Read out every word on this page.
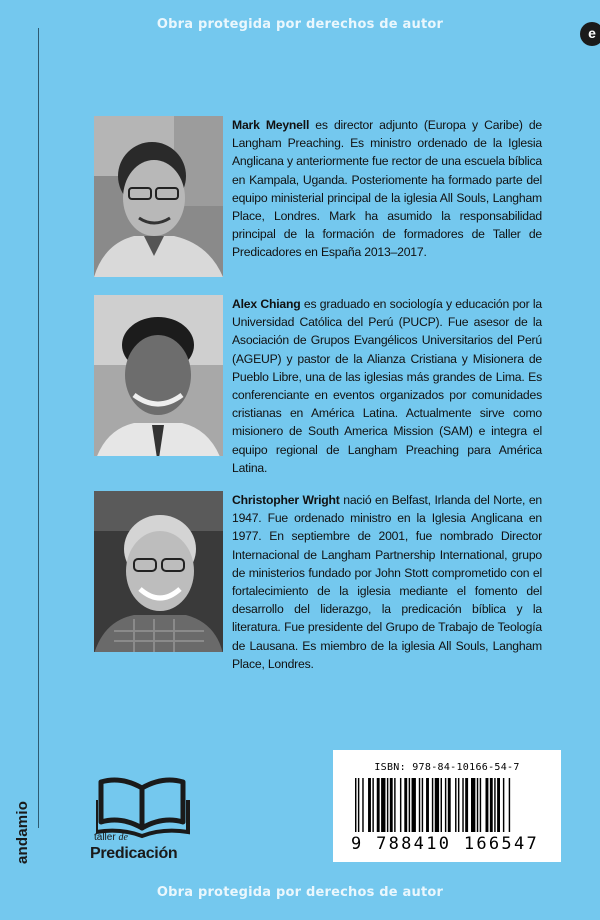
Obra protegida por derechos de autor
e
andamio
Mark Meynell es director adjunto (Europa y Caribe) de Langham Preaching. Es ministro ordenado de la Iglesia Anglicana y anteriormente fue rector de una escuela bíblica en Kampala, Uganda. Posteriomente ha formado parte del equipo ministerial principal de la iglesia All Souls, Langham Place, Londres. Mark ha asumido la responsabilidad principal de la formación de formadores de Taller de Predicadores en España 2013–2017.
Alex Chiang es graduado en sociología y educación por la Universidad Católica del Perú (PUCP). Fue asesor de la Asociación de Grupos Evangélicos Universitarios del Perú (AGEUP) y pastor de la Alianza Cristiana y Misionera de Pueblo Libre, una de las iglesias más grandes de Lima. Es conferenciante en eventos organizados por comunidades cristianas en América Latina. Actualmente sirve como misionero de South America Mission (SAM) e integra el equipo regional de Langham Preaching para América Latina.
Christopher Wright nació en Belfast, Irlanda del Norte, en 1947. Fue ordenado ministro en la Iglesia Anglicana en 1977. En septiembre de 2001, fue nombrado Director Internacional de Langham Partnership International, grupo de ministerios fundado por John Stott comprometido con el fortalecimiento de la iglesia mediante el fomento del desarrollo del liderazgo, la predicación bíblica y la literatura. Fue presidente del Grupo de Trabajo de Teología de Lausana. Es miembro de la iglesia All Souls, Langham Place, Londres.
taller de
Predicación
ISBN: 978-84-10166-54-7
9 788410 166547
Obra protegida por derechos de autor
